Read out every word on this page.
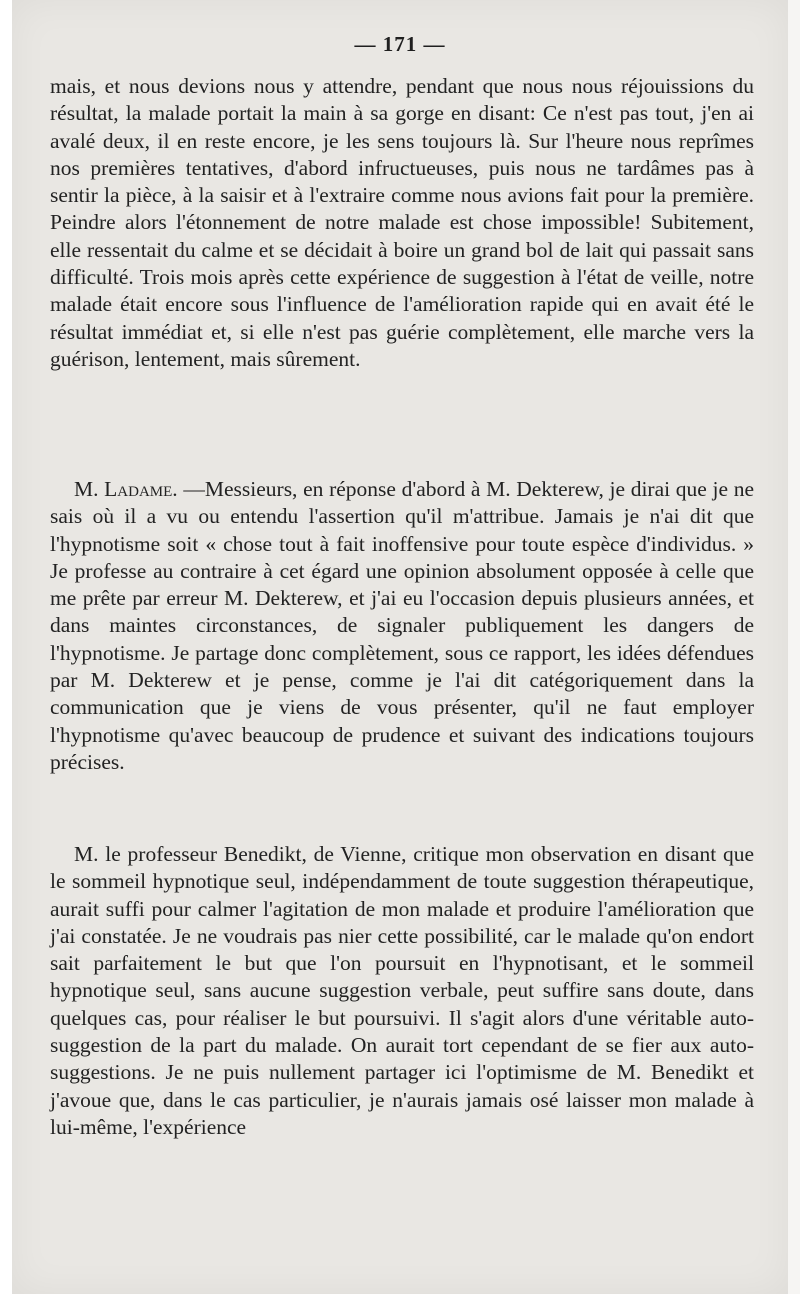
— 171 —

mais, et nous devions nous y attendre, pendant que nous nous réjouissions du résultat, la malade portait la main à sa gorge en disant: Ce n'est pas tout, j'en ai avalé deux, il en reste encore, je les sens toujours là. Sur l'heure nous reprîmes nos premières tentatives, d'abord infructueuses, puis nous ne tardâmes pas à sentir la pièce, à la saisir et à l'extraire comme nous avions fait pour la première. Peindre alors l'étonnement de notre malade est chose impossible! Subitement, elle ressentait du calme et se décidait à boire un grand bol de lait qui passait sans difficulté. Trois mois après cette expérience de suggestion à l'état de veille, notre malade était encore sous l'influence de l'amélioration rapide qui en avait été le résultat immédiat et, si elle n'est pas guérie complètement, elle marche vers la guérison, lentement, mais sûrement.

M. Ladame. —Messieurs, en réponse d'abord à M. Dekterew, je dirai que je ne sais où il a vu ou entendu l'assertion qu'il m'attribue. Jamais je n'ai dit que l'hypnotisme soit « chose tout à fait inoffensive pour toute espèce d'individus. » Je professe au contraire à cet égard une opinion absolument opposée à celle que me prête par erreur M. Dekterew, et j'ai eu l'occasion depuis plusieurs années, et dans maintes circonstances, de signaler publiquement les dangers de l'hypnotisme. Je partage donc complètement, sous ce rapport, les idées défendues par M. Dekterew et je pense, comme je l'ai dit catégoriquement dans la communication que je viens de vous présenter, qu'il ne faut employer l'hypnotisme qu'avec beaucoup de prudence et suivant des indications toujours précises.

M. le professeur Benedikt, de Vienne, critique mon observation en disant que le sommeil hypnotique seul, indépendamment de toute suggestion thérapeutique, aurait suffi pour calmer l'agitation de mon malade et produire l'amélioration que j'ai constatée. Je ne voudrais pas nier cette possibilité, car le malade qu'on endort sait parfaitement le but que l'on poursuit en l'hypnotisant, et le sommeil hypnotique seul, sans aucune suggestion verbale, peut suffire sans doute, dans quelques cas, pour réaliser le but poursuivi. Il s'agit alors d'une véritable auto-suggestion de la part du malade. On aurait tort cependant de se fier aux auto-suggestions. Je ne puis nullement partager ici l'optimisme de M. Benedikt et j'avoue que, dans le cas particulier, je n'aurais jamais osé laisser mon malade à lui-même, l'expérience
